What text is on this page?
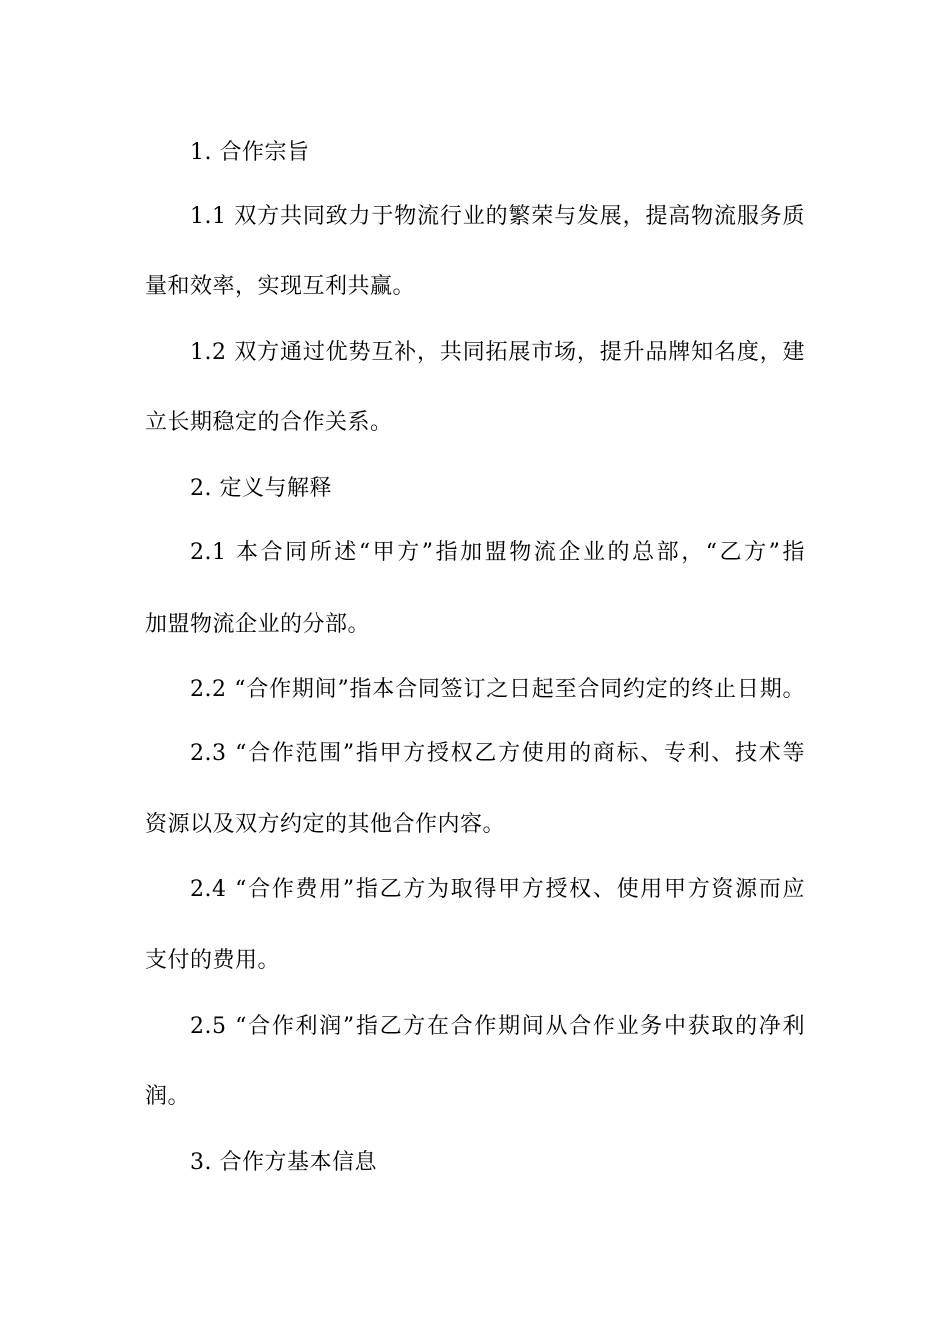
1. 合作宗旨
1.1 双方共同致力于物流行业的繁荣与发展，提高物流服务质
量和效率，实现互利共赢。
1.2 双方通过优势互补，共同拓展市场，提升品牌知名度，建
立长期稳定的合作关系。
2. 定义与解释
2.1 本合同所述“甲方”指加盟物流企业的总部，“乙方”指
加盟物流企业的分部。
2.2 “合作期间”指本合同签订之日起至合同约定的终止日期。
2.3 “合作范围”指甲方授权乙方使用的商标、专利、技术等
资源以及双方约定的其他合作内容。
2.4 “合作费用”指乙方为取得甲方授权、使用甲方资源而应
支付的费用。
2.5 “合作利润”指乙方在合作期间从合作业务中获取的净利
润。
3. 合作方基本信息
